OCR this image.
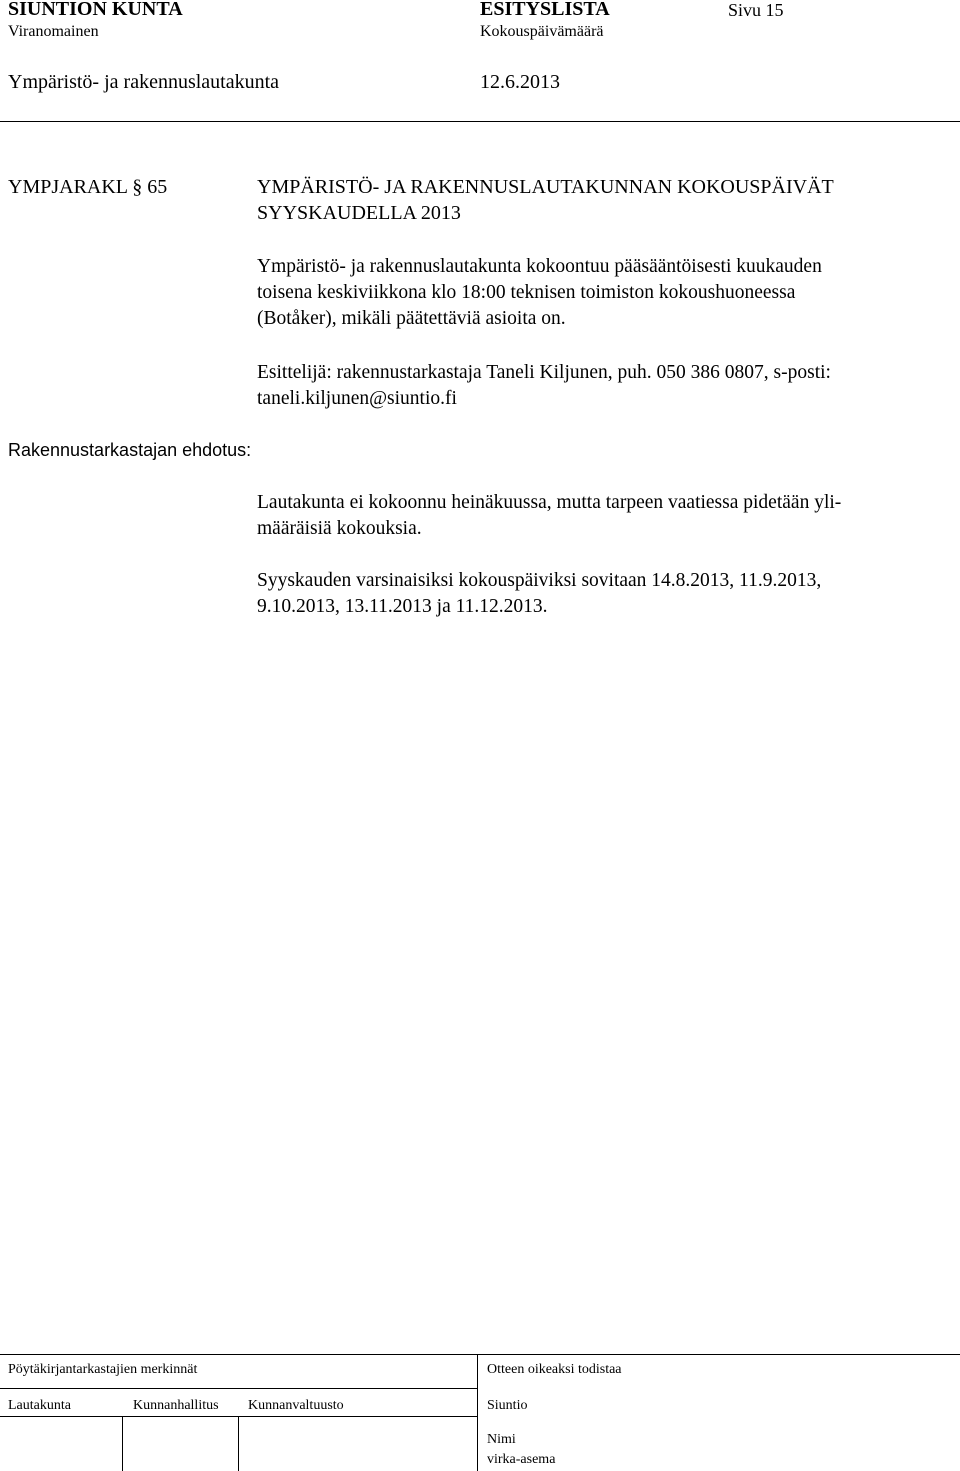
SIUNTION KUNTA	ESITYSLISTA	Sivu 15
Viranomainen	Kokouspäivämäärä
Ympäristö- ja rakennuslautakunta	12.6.2013
YMPJARAKL § 65	YMPÄRISTÖ- JA RAKENNUSLAUTAKUNNAN KOKOUSPÄIVÄT
SYYSKAUDELLA 2013
Ympäristö- ja rakennuslautakunta kokoontuu pääsääntöisesti kuukauden
toisena keskiviikkona klo 18:00 teknisen toimiston kokoushuoneessa
(Botåker), mikäli päätettäviä asioita on.
Esittelijä: rakennustarkastaja Taneli Kiljunen, puh. 050 386 0807, s-posti:
taneli.kiljunen@siuntio.fi
Rakennustarkastajan ehdotus:
Lautakunta ei kokoonnu heinäkuussa, mutta tarpeen vaatiessa pidetään yli-
määräisiä kokouksia.
Syyskauden varsinaisiksi kokouspäiviksi sovitaan 14.8.2013, 11.9.2013,
9.10.2013, 13.11.2013 ja 11.12.2013.
Pöytäkirjantarkastajien merkinnät	Otteen oikeaksi todistaa
Lautakunta	Kunnanhallitus Kunnanvaltuusto	Siuntio
Nimi
virka-asema
